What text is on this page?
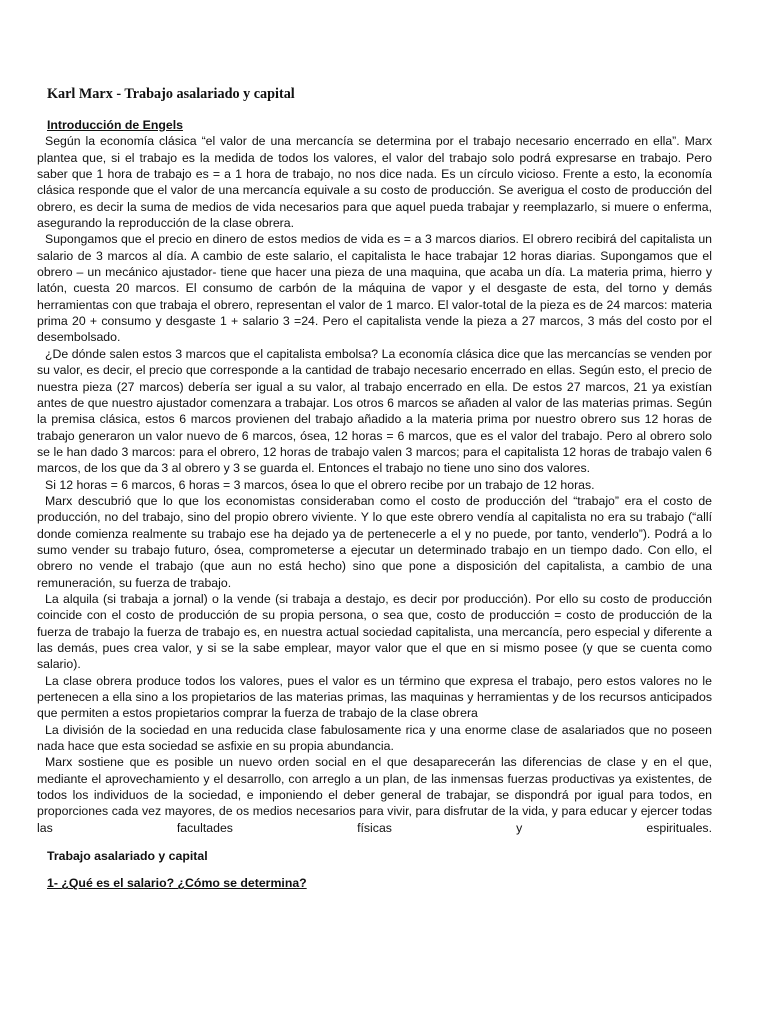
Karl Marx - Trabajo asalariado y capital
Introducción de Engels

Según la economía clásica “el valor de una mercancía se determina por el trabajo necesario encerrado en ella”. Marx plantea que, si el trabajo es la medida de todos los valores, el valor del trabajo solo podrá expresarse en trabajo. Pero saber que 1 hora de trabajo es = a 1 hora de trabajo, no nos dice nada. Es un círculo vicioso. Frente a esto, la economía clásica responde que el valor de una mercancía equivale a su costo de producción. Se averigua el costo de producción del obrero, es decir la suma de medios de vida necesarios para que aquel pueda trabajar y reemplazarlo, si muere o enferma, asegurando la reproducción de la clase obrera.

Supongamos que el precio en dinero de estos medios de vida es = a 3 marcos diarios. El obrero recibirá del capitalista un salario de 3 marcos al día. A cambio de este salario, el capitalista le hace trabajar 12 horas diarias. Supongamos que el obrero – un mecánico ajustador- tiene que hacer una pieza de una maquina, que acaba un día. La materia prima, hierro y latón, cuesta 20 marcos. El consumo de carbón de la máquina de vapor y el desgaste de esta, del torno y demás herramientas con que trabaja el obrero, representan el valor de 1 marco. El valor-total de la pieza es de 24 marcos: materia prima 20 + consumo y desgaste 1 + salario 3 =24. Pero el capitalista vende la pieza a 27 marcos, 3 más del costo por el desembolsado.

¿De dónde salen estos 3 marcos que el capitalista embolsa? La economía clásica dice que las mercancías se venden por su valor, es decir, el precio que corresponde a la cantidad de trabajo necesario encerrado en ellas. Según esto, el precio de nuestra pieza (27 marcos) debería ser igual a su valor, al trabajo encerrado en ella. De estos 27 marcos, 21 ya existían antes de que nuestro ajustador comenzara a trabajar. Los otros 6 marcos se añaden al valor de las materias primas. Según la premisa clásica, estos 6 marcos provienen del trabajo añadido a la materia prima por nuestro obrero sus 12 horas de trabajo generaron un valor nuevo de 6 marcos, ósea, 12 horas = 6 marcos, que es el valor del trabajo. Pero al obrero solo se le han dado 3 marcos: para el obrero, 12 horas de trabajo valen 3 marcos; para el capitalista 12 horas de trabajo valen 6 marcos, de los que da 3 al obrero y 3 se guarda el. Entonces el trabajo no tiene uno sino dos valores.

Si 12 horas = 6 marcos, 6 horas = 3 marcos, ósea lo que el obrero recibe por un trabajo de 12 horas.

Marx descubrió que lo que los economistas consideraban como el costo de producción del “trabajo” era el costo de producción, no del trabajo, sino del propio obrero viviente. Y lo que este obrero vendía al capitalista no era su trabajo (“allí donde comienza realmente su trabajo ese ha dejado ya de pertenecerle a el y no puede, por tanto, venderlo”). Podrá a lo sumo vender su trabajo futuro, ósea, comprometerse a ejecutar un determinado trabajo en un tiempo dado. Con ello, el obrero no vende el trabajo (que aun no está hecho) sino que pone a disposición del capitalista, a cambio de una remuneración, su fuerza de trabajo.

La alquila (si trabaja a jornal) o la vende (si trabaja a destajo, es decir por producción). Por ello su costo de producción coincide con el costo de producción de su propia persona, o sea que, costo de producción = costo de producción de la fuerza de trabajo la fuerza de trabajo es, en nuestra actual sociedad capitalista, una mercancía, pero especial y diferente a las demás, pues crea valor, y si se la sabe emplear, mayor valor que el que en si mismo posee (y que se cuenta como salario).

La clase obrera produce todos los valores, pues el valor es un término que expresa el trabajo, pero estos valores no le pertenecen a ella sino a los propietarios de las materias primas, las maquinas y herramientas y de los recursos anticipados que permiten a estos propietarios comprar la fuerza de trabajo de la clase obrera

La división de la sociedad en una reducida clase fabulosamente rica y una enorme clase de asalariados que no poseen nada hace que esta sociedad se asfixie en su propia abundancia.

Marx sostiene que es posible un nuevo orden social en el que desaparecerán las diferencias de clase y en el que, mediante el aprovechamiento y el desarrollo, con arreglo a un plan, de las inmensas fuerzas productivas ya existentes, de todos los individuos de la sociedad, e imponiendo el deber general de trabajar, se dispondrá por igual para todos, en proporciones cada vez mayores, de os medios necesarios para vivir, para disfrutar de la vida, y para educar y ejercer todas las facultades físicas y espirituales.

Trabajo asalariado y capital
1- ¿Qué es el salario? ¿Cómo se determina?
